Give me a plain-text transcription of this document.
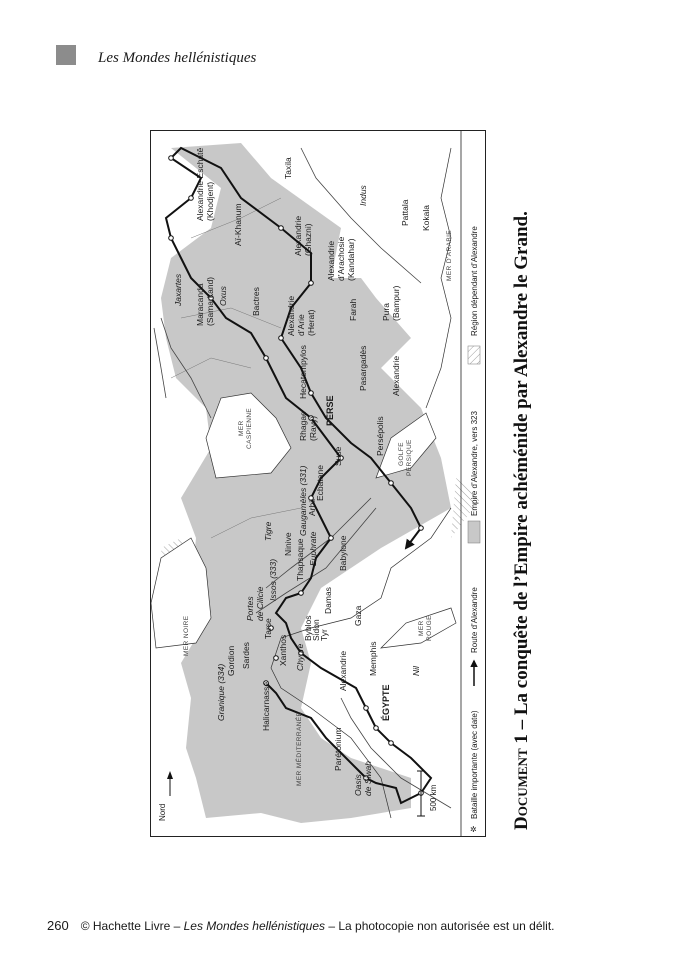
Les Mondes hellénistiques
Granique (334)
Gordion Sardes
Halicarnasse
Xanthos
Tarse
Portes de Cilicie
Issos (333)
Chypre
Byblos
Sidon
Tyr
Damas
Thapsaque
Gaza
Alexandrie Memphis
ÉGYPTE
Parétonium
Oasis de Siwah
Ninive
Gaugamèles (331) Arbil
Babylone
Ecbatane
Suse
Rhagae (Rayy)
PERSE
Hecatompylos
Persépolis
Pasargadès	Alexandrie
Pura (Bampur)
Alexandrie d’Arie (Herat)	Farah
Bactres
Maracanda (Samarkand)
Alexandrie Eschatê (Khodjent)
Aï-Khanum	Alexandrie (Ghazni)
Alexandrie d’Arachosie (Kandahar)
Taxila
Pattala Kokala
Nil
Tigre
Euphrate
Oxus
Jaxartes
Indus
MER NOIRE
MER CASPIENNE
MER MÉDITERRANÉE
MER ROUGE
GOLFE PERSIQUE
MER D’ARABIE
Nord
500 km
✲
Bataille importante (avec date)
Route d’Alexandre
Empire d’Alexandre, vers 323
Région dépendant d’Alexandre
Document 1 – La conquête de l’Empire achéménide par Alexandre le Grand.
260 © Hachette Livre – Les Mondes hellénistiques – La photocopie non autorisée est un délit.
